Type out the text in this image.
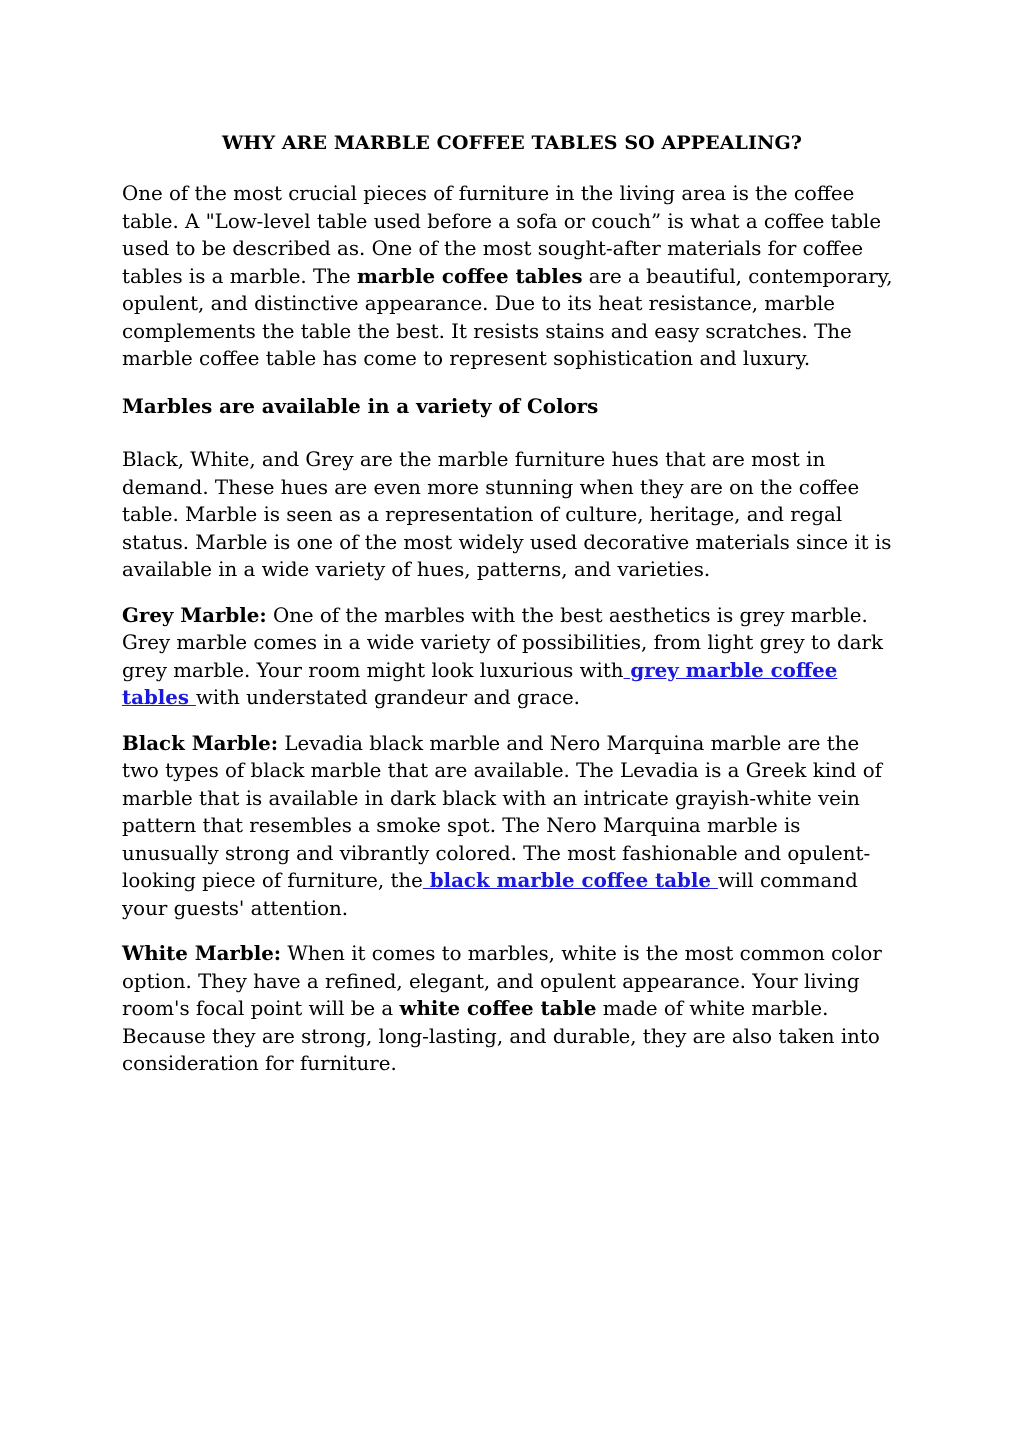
WHY ARE MARBLE COFFEE TABLES SO APPEALING?

One of the most crucial pieces of furniture in the living area is the coffee table. A "Low-level table used before a sofa or couch” is what a coffee table used to be described as. One of the most sought-after materials for coffee tables is a marble. The marble coffee tables are a beautiful, contemporary, opulent, and distinctive appearance. Due to its heat resistance, marble complements the table the best. It resists stains and easy scratches. The marble coffee table has come to represent sophistication and luxury.

Marbles are available in a variety of Colors

Black, White, and Grey are the marble furniture hues that are most in demand. These hues are even more stunning when they are on the coffee table. Marble is seen as a representation of culture, heritage, and regal status. Marble is one of the most widely used decorative materials since it is available in a wide variety of hues, patterns, and varieties.

Grey Marble: One of the marbles with the best aesthetics is grey marble. Grey marble comes in a wide variety of possibilities, from light grey to dark grey marble. Your room might look luxurious with grey marble coffee tables with understated grandeur and grace.

Black Marble: Levadia black marble and Nero Marquina marble are the two types of black marble that are available. The Levadia is a Greek kind of marble that is available in dark black with an intricate grayish-white vein pattern that resembles a smoke spot. The Nero Marquina marble is unusually strong and vibrantly colored. The most fashionable and opulent-looking piece of furniture, the black marble coffee table will command your guests' attention.

White Marble: When it comes to marbles, white is the most common color option. They have a refined, elegant, and opulent appearance. Your living room's focal point will be a white coffee table made of white marble. Because they are strong, long-lasting, and durable, they are also taken into consideration for furniture.
